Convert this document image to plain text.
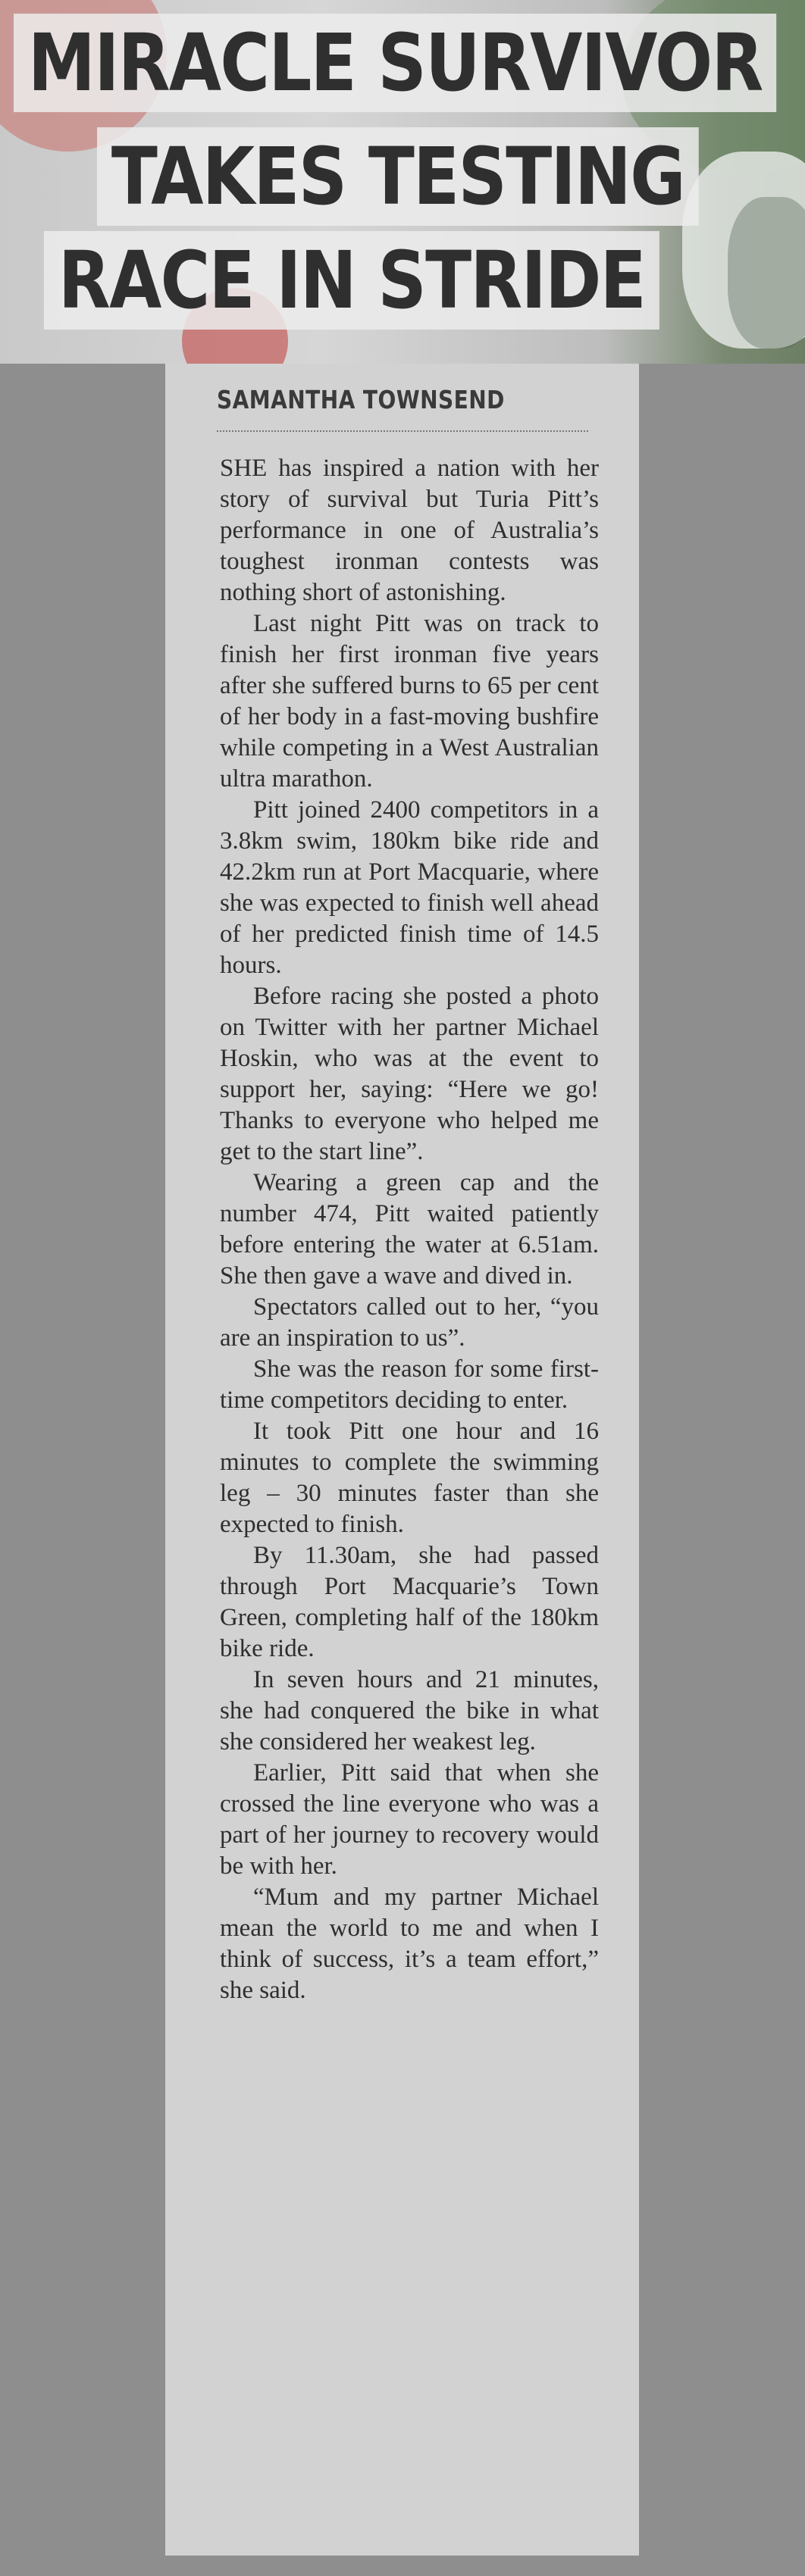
MIRACLE SURVIVOR
TAKES TESTING
RACE IN STRIDE
SAMANTHA TOWNSEND

SHE has inspired a nation with her story of survival but Turia Pitt’s performance in one of Australia’s toughest ironman contests was nothing short of astonishing.

Last night Pitt was on track to finish her first ironman five years after she suffered burns to 65 per cent of her body in a fast-moving bushfire while competing in a West Australian ultra marathon.

Pitt joined 2400 competitors in a 3.8km swim, 180km bike ride and 42.2km run at Port Macquarie, where she was expected to finish well ahead of her predicted finish time of 14.5 hours.

Before racing she posted a photo on Twitter with her partner Michael Hoskin, who was at the event to support her, saying: “Here we go! Thanks to everyone who helped me get to the start line”.

Wearing a green cap and the number 474, Pitt waited patiently before entering the water at 6.51am. She then gave a wave and dived in.

Spectators called out to her, “you are an inspiration to us”.

She was the reason for some first-time competitors deciding to enter.

It took Pitt one hour and 16 minutes to complete the swimming leg – 30 minutes faster than she expected to finish.

By 11.30am, she had passed through Port Macquarie’s Town Green, completing half of the 180km bike ride.

In seven hours and 21 minutes, she had conquered the bike in what she considered her weakest leg.

Earlier, Pitt said that when she crossed the line everyone who was a part of her journey to recovery would be with her.

“Mum and my partner Michael mean the world to me and when I think of success, it’s a team effort,” she said.
